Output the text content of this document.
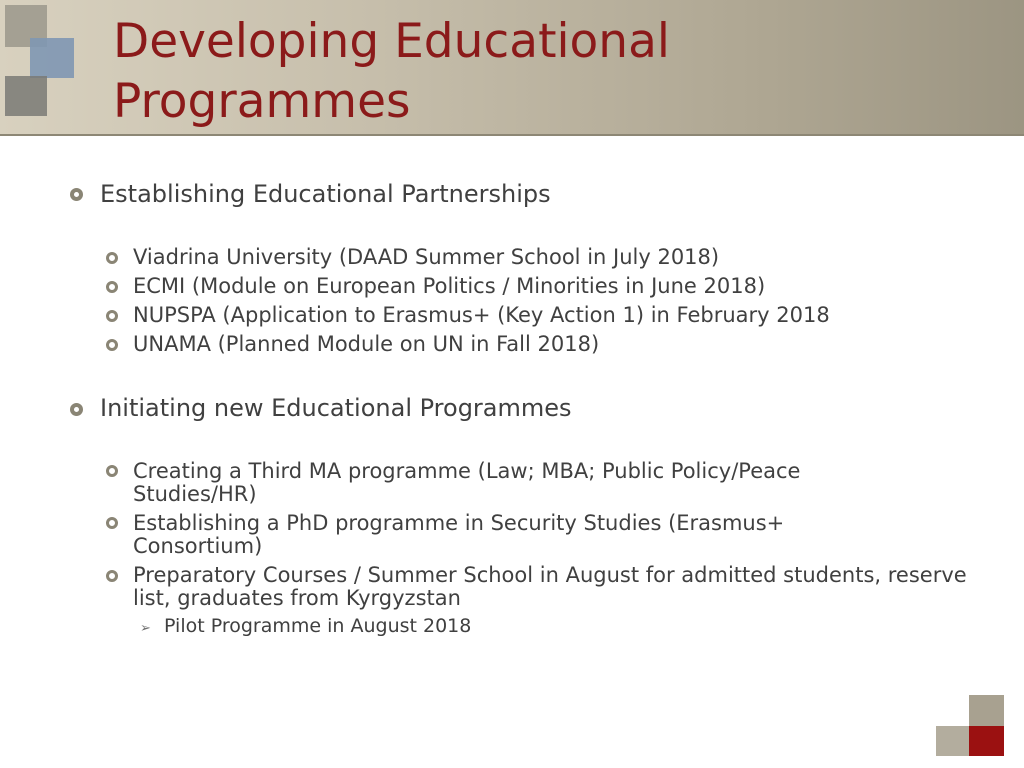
Developing Educational
Programmes
Establishing Educational Partnerships
Viadrina University (DAAD Summer School in July 2018)
ECMI (Module on European Politics / Minorities in June 2018)
NUPSPA (Application to Erasmus+ (Key Action 1) in February 2018
UNAMA (Planned Module on UN in Fall 2018)
Initiating new Educational Programmes
Creating a Third MA programme (Law; MBA; Public Policy/Peace Studies/HR)
Establishing a PhD programme in Security Studies (Erasmus+ Consortium)
Preparatory Courses / Summer School in August for admitted students, reserve list, graduates from Kyrgyzstan
➢ Pilot Programme in August 2018
